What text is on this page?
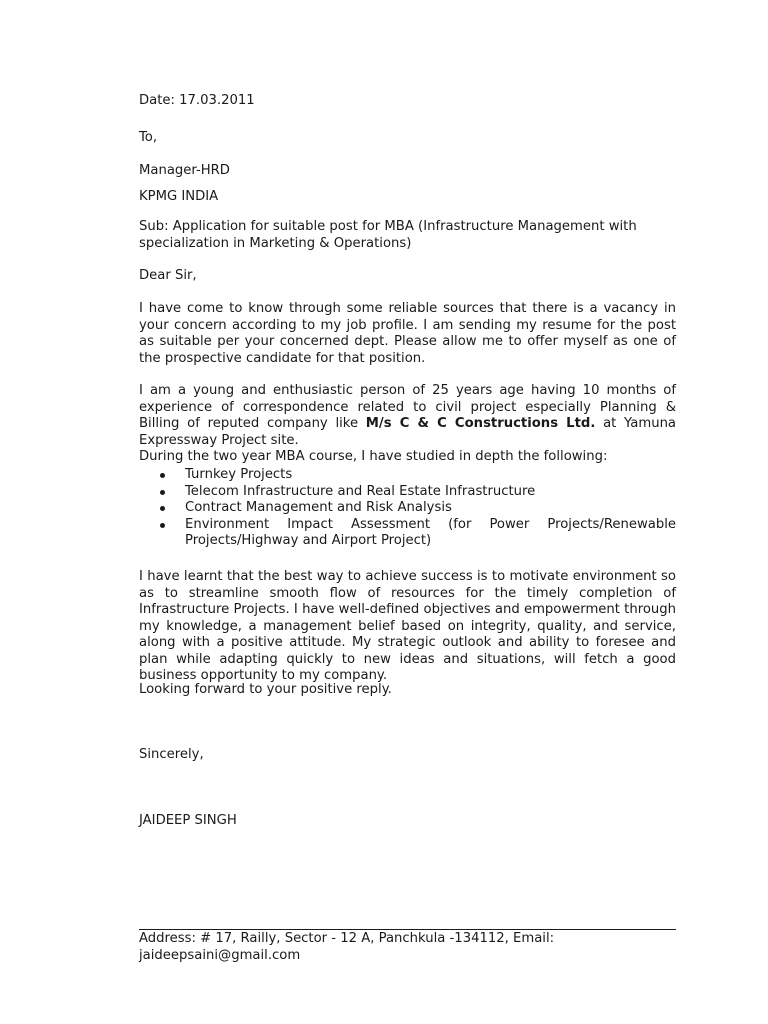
Date: 17.03.2011

To,

Manager-HRD

KPMG INDIA

Sub: Application for suitable post for MBA (Infrastructure Management with specialization in Marketing & Operations)

Dear Sir,

I have come to know through some reliable sources that there is a vacancy in your concern according to my job profile. I am sending my resume for the post as suitable per your concerned dept. Please allow me to offer myself as one of the prospective candidate for that position.

I am a young and enthusiastic person of 25 years age having 10 months of experience of correspondence related to civil project especially Planning & Billing of reputed company like M/s C & C Constructions Ltd. at Yamuna Expressway Project site.

During the two year MBA course, I have studied in depth the following:

Turnkey Projects
Telecom Infrastructure and Real Estate Infrastructure
Contract Management and Risk Analysis
Environment Impact Assessment (for Power Projects/Renewable Projects/Highway and Airport Project)

I have learnt that the best way to achieve success is to motivate environment so as to streamline smooth flow of resources for the timely completion of Infrastructure Projects. I have well-defined objectives and empowerment through my knowledge, a management belief based on integrity, quality, and service, along with a positive attitude. My strategic outlook and ability to foresee and plan while adapting quickly to new ideas and situations, will fetch a good business opportunity to my company.

Looking forward to your positive reply.

Sincerely,

JAIDEEP SINGH

Address: # 17, Railly, Sector - 12 A, Panchkula -134112, Email:

jaideepsaini@gmail.com
